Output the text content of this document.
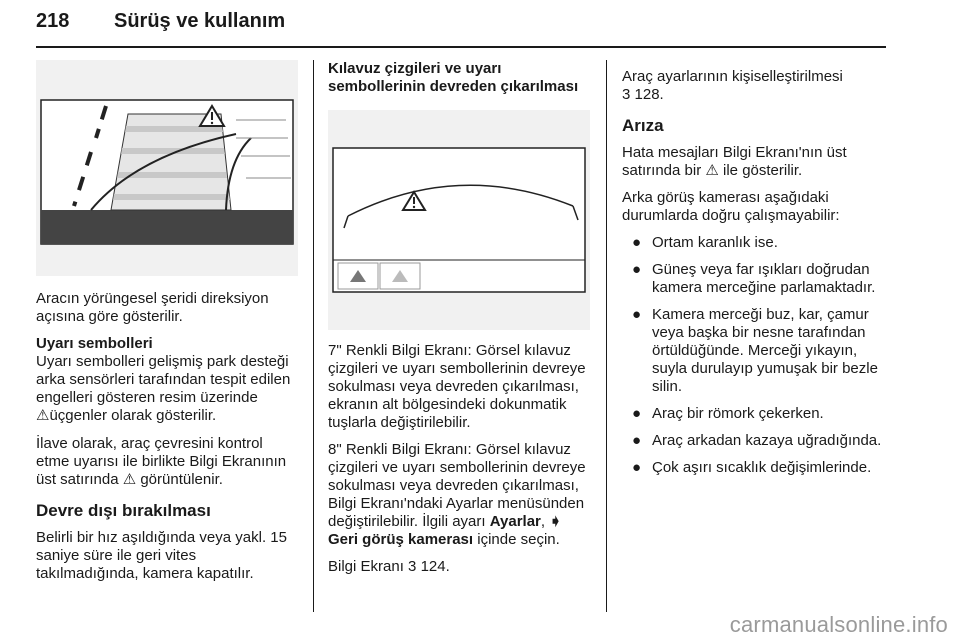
218 Sürüş ve kullanım

Aracın yörüngesel şeridi direksiyon açısına göre gösterilir.

Uyarı sembolleri
Uyarı sembolleri gelişmiş park desteği arka sensörleri tarafından tespit edilen engelleri gösteren resim üzerinde ⚠üçgenler olarak gösterilir.

İlave olarak, araç çevresini kontrol etme uyarısı ile birlikte Bilgi Ekranının üst satırında ⚠ görüntülenir.

Devre dışı bırakılması

Belirli bir hız aşıldığında veya yakl. 15 saniye süre ile geri vites takılmadığında, kamera kapatılır.

Kılavuz çizgileri ve uyarı sembollerinin devreden çıkarılması

7" Renkli Bilgi Ekranı: Görsel kılavuz çizgileri ve uyarı sembollerinin devreye sokulması veya devreden çıkarılması, ekranın alt bölgesindeki dokunmatik tuşlarla değiştirilebilir.

8" Renkli Bilgi Ekranı: Görsel kılavuz çizgileri ve uyarı sembollerinin devreye sokulması veya devreden çıkarılması, Bilgi Ekranı'ndaki Ayarlar menüsünden değiştirilebilir. İlgili ayarı Ayarlar, ➧ Geri görüş kamerası içinde seçin.

Bilgi Ekranı 3 124.

Araç ayarlarının kişiselleştirilmesi
3 128.

Arıza

Hata mesajları Bilgi Ekranı'nın üst satırında bir ⚠ ile gösterilir.

Arka görüş kamerası aşağıdaki durumlarda doğru çalışmayabilir:

● Ortam karanlık ise.
● Güneş veya far ışıkları doğrudan kamera merceğine parlamaktadır.
● Kamera merceği buz, kar, çamur veya başka bir nesne tarafından örtüldüğünde. Merceği yıkayın, suyla durulayıp yumuşak bir bezle silin.
● Araç bir römork çekerken.
● Araç arkadan kazaya uğradığında.
● Çok aşırı sıcaklık değişimlerinde.
carmanualsonline.info
